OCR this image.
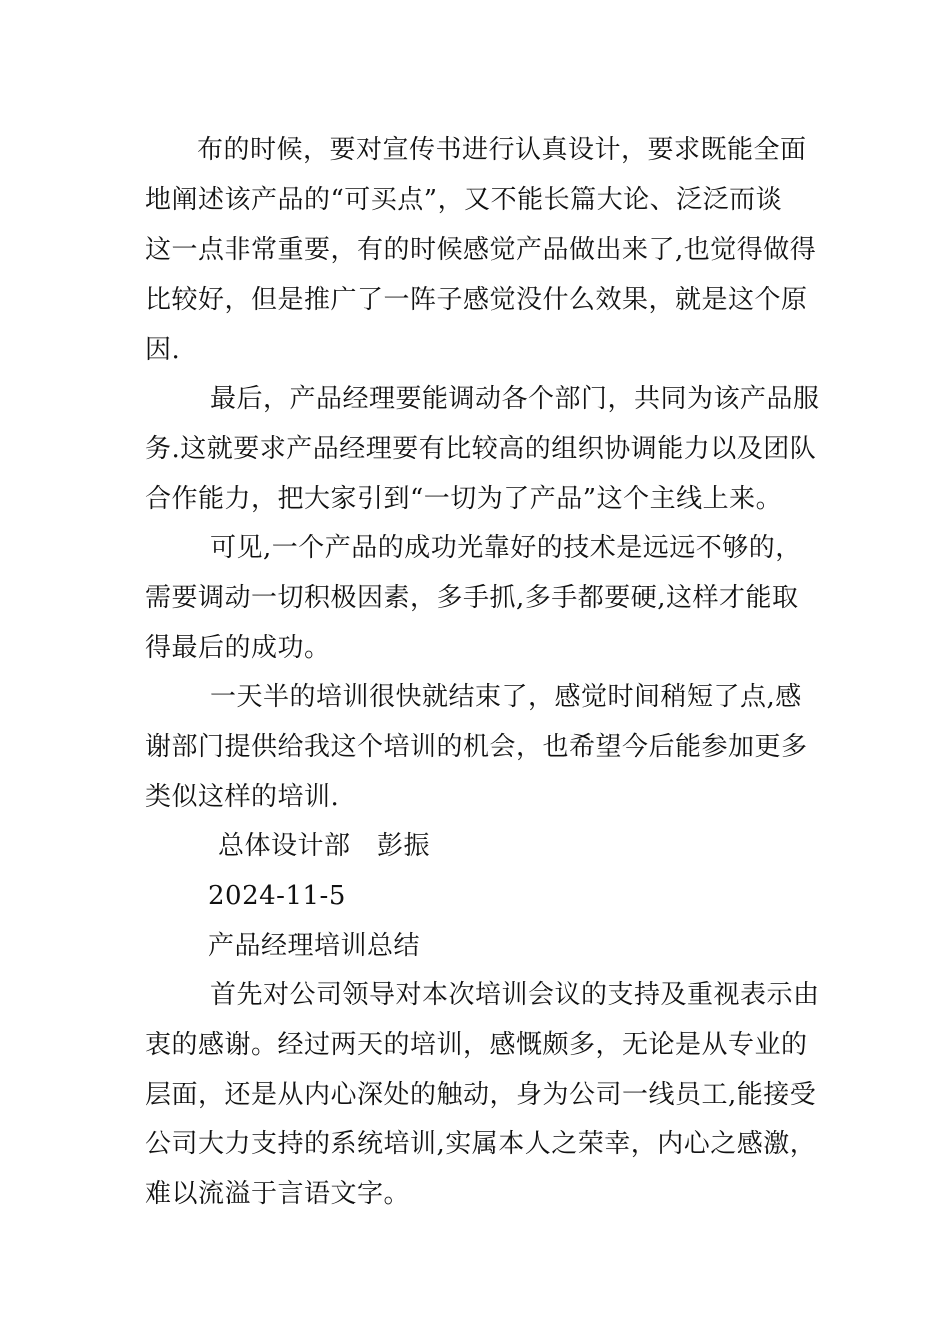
布的时候，要对宣传书进行认真设计，要求既能全面
地阐述该产品的“可买点”，又不能长篇大论、泛泛而谈
这一点非常重要，有的时候感觉产品做出来了,也觉得做得
比较好，但是推广了一阵子感觉没什么效果，就是这个原
因.
最后，产品经理要能调动各个部门，共同为该产品服
务.这就要求产品经理要有比较高的组织协调能力以及团队
合作能力，把大家引到“一切为了产品”这个主线上来。
可见,一个产品的成功光靠好的技术是远远不够的，
需要调动一切积极因素，多手抓,多手都要硬,这样才能取
得最后的成功。
一天半的培训很快就结束了，感觉时间稍短了点,感
谢部门提供给我这个培训的机会，也希望今后能参加更多
类似这样的培训.
总体设计部　彭振
2024-11-5
产品经理培训总结
首先对公司领导对本次培训会议的支持及重视表示由
衷的感谢。经过两天的培训，感慨颇多，无论是从专业的
层面，还是从内心深处的触动，身为公司一线员工,能接受
公司大力支持的系统培训,实属本人之荣幸，内心之感激，
难以流溢于言语文字。
